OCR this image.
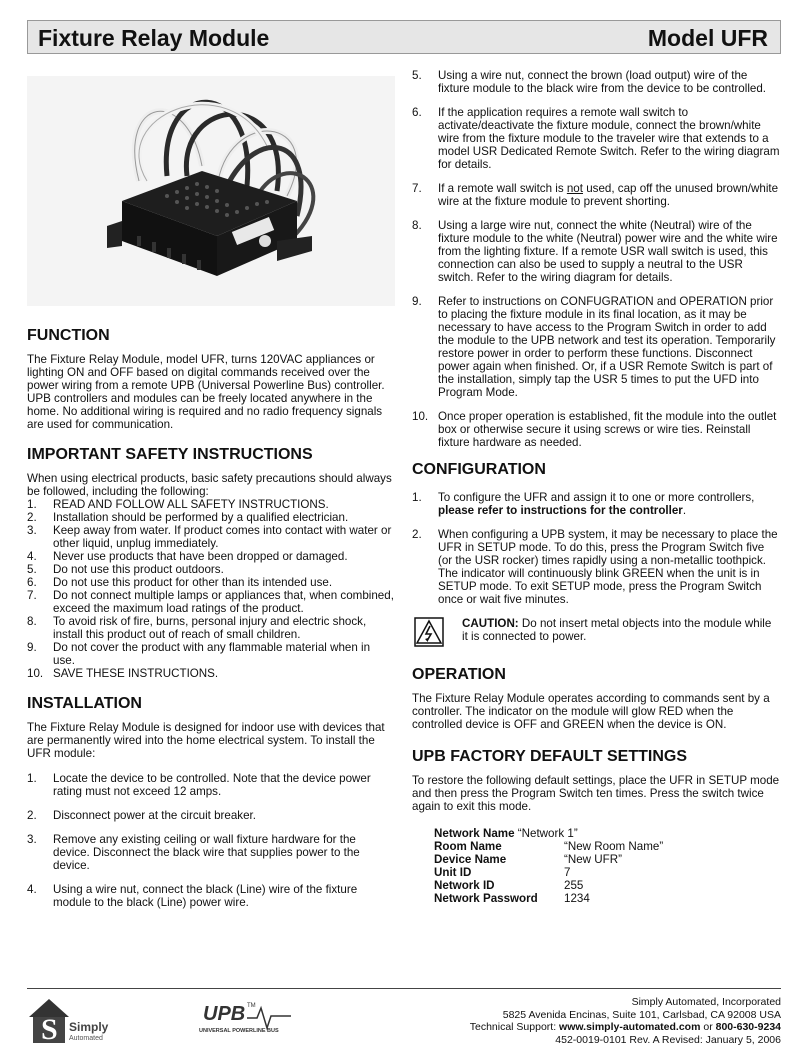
Fixture Relay Module	Model UFR
FUNCTION

The Fixture Relay Module, model UFR, turns 120VAC appliances or lighting ON and OFF based on digital commands received over the power wiring from a remote UPB (Universal Powerline Bus) controller. UPB controllers and modules can be freely located anywhere in the home. No additional wiring is required and no radio frequency signals are used for communication.

IMPORTANT SAFETY INSTRUCTIONS

When using electrical products, basic safety precautions should always be followed, including the following:

1.	READ AND FOLLOW ALL SAFETY INSTRUCTIONS.
2.	Installation should be performed by a qualified electrician.
3.	Keep away from water. If product comes into contact with water or other liquid, unplug immediately.
4.	Never use products that have been dropped or damaged.
5.	Do not use this product outdoors.
6.	Do not use this product for other than its intended use.
7.	Do not connect multiple lamps or appliances that, when combined, exceed the maximum load ratings of the product.
8.	To avoid risk of fire, burns, personal injury and electric shock, install this product out of reach of small children.
9.	Do not cover the product with any flammable material when in use.
10. SAVE THESE INSTRUCTIONS.
INSTALLATION

The Fixture Relay Module is designed for indoor use with devices that are permanently wired into the home electrical system. To install the UFR module:

1.	Locate the device to be controlled. Note that the device power rating must not exceed 12 amps.
2.	Disconnect power at the circuit breaker.
3.	Remove any existing ceiling or wall fixture hardware for the device. Disconnect the black wire that supplies power to the device.
4.	Using a wire nut, connect the black (Line) wire of the fixture module to the black (Line) power wire.
5.	Using a wire nut, connect the brown (load output) wire of the fixture module to the black wire from the device to be controlled.
6.	If the application requires a remote wall switch to activate/deactivate the fixture module, connect the brown/white wire from the fixture module to the traveler wire that extends to a model USR Dedicated Remote Switch. Refer to the wiring diagram for details.
7.	If a remote wall switch is not used, cap off the unused brown/white wire at the fixture module to prevent shorting.
8.	Using a large wire nut, connect the white (Neutral) wire of the fixture module to the white (Neutral) power wire and the white wire from the lighting fixture. If a remote USR wall switch is used, this connection can also be used to supply a neutral to the USR switch. Refer to the wiring diagram for details.
9.	Refer to instructions on CONFUGRATION and OPERATION prior to placing the fixture module in its final location, as it may be necessary to have access to the Program Switch in order to add the module to the UPB network and test its operation. Temporarily restore power in order to perform these functions. Disconnect power again when finished. Or, if a USR Remote Switch is part of the installation, simply tap the USR 5 times to put the UFD into Program Mode.
10. Once proper operation is established, fit the module into the outlet box or otherwise secure it using screws or wire ties. Reinstall fixture hardware as needed.
CONFIGURATION
1.	To configure the UFR and assign it to one or more controllers, please refer to instructions for the controller.
2.	When configuring a UPB system, it may be necessary to place the UFR in SETUP mode. To do this, press the Program Switch five (or the USR rocker) times rapidly using a non-metallic toothpick. The indicator will continuously blink GREEN when the unit is in SETUP mode. To exit SETUP mode, press the Program Switch once or wait five minutes.
CAUTION: Do not insert metal objects into the module while it is connected to power.
OPERATION

The Fixture Relay Module operates according to commands sent by a controller. The indicator on the module will glow RED when the controlled device is OFF and GREEN when the device is ON.

UPB FACTORY DEFAULT SETTINGS

To restore the following default settings, place the UFR in SETUP mode and then press the Program Switch ten times. Press the switch twice again to exit this mode.

Network Name “Network 1”	
Room Name	“New Room Name”
Device Name	“New UFR”
Unit ID	7
Network ID	255
Network Password	1234
S Simply
Automated
UPB TM
UNIVERSAL POWERLINE BUS
Simply Automated, Incorporated
5825 Avenida Encinas, Suite 101, Carlsbad, CA 92008 USA
Technical Support: www.simply-automated.com or 800-630-9234
452-0019-0101 Rev. A Revised: January 5, 2006
